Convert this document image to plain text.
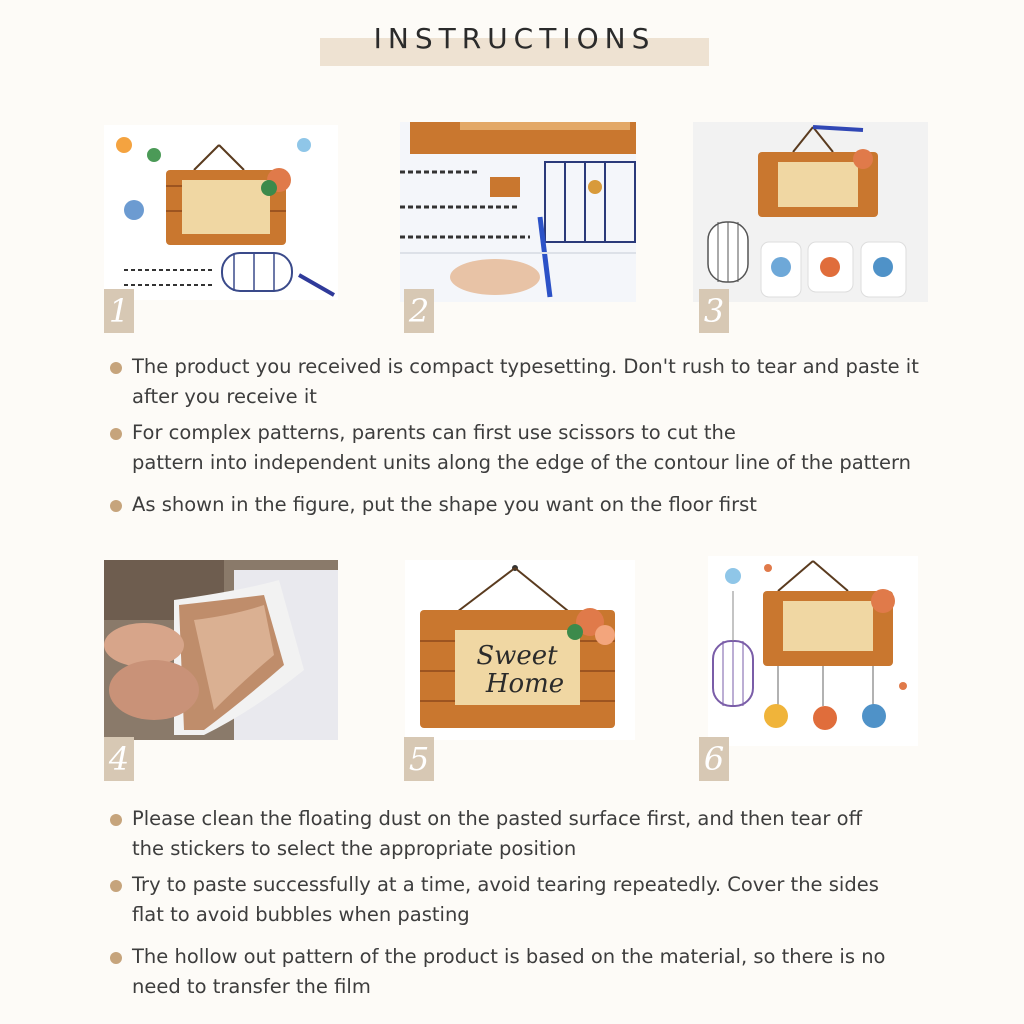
INSTRUCTIONS
1	2	3
The product you received is compact typesetting. Don't rush to tear and paste it
after you receive it
For complex patterns, parents can first use scissors to cut the
pattern into independent units along the edge of the contour line of the pattern
As shown in the figure, put the shape you want on the floor first
Sweet
Home
4	5	6
Please clean the floating dust on the pasted surface first, and then tear off
the stickers to select the appropriate position
Try to paste successfully at a time, avoid tearing repeatedly. Cover the sides
flat to avoid bubbles when pasting
The hollow out pattern of the product is based on the material, so there is no
need to transfer the film
